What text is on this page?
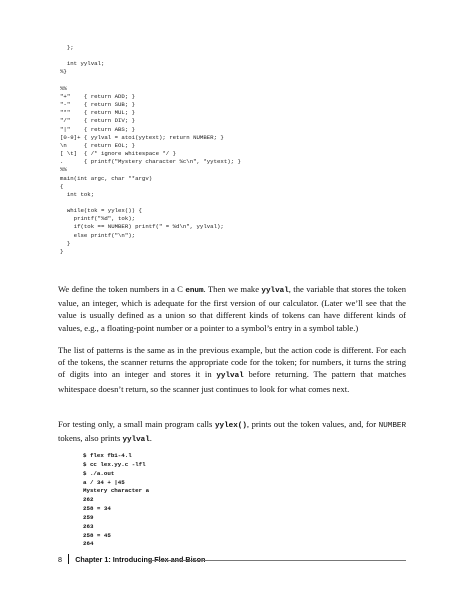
};

int yylval;
%}

%%
"+"    { return ADD; }
"-"    { return SUB; }
"*"    { return MUL; }
"/"    { return DIV; }
"|"    { return ABS; }
[0-9]+ { yylval = atoi(yytext); return NUMBER; }
\n     { return EOL; }
[ \t]  { /* ignore whitespace */ }
.      { printf("Mystery character %c\n", *yytext); }
%%
main(int argc, char **argv)
{
int tok;

while(tok = yylex()) {
printf("%d", tok);
if(tok == NUMBER) printf(" = %d\n", yylval);
else printf("\n");
}
}

We define the token numbers in a C enum. Then we make yylval, the variable that stores the token value, an integer, which is adequate for the first version of our calculator. (Later we’ll see that the value is usually defined as a union so that different kinds of tokens can have different kinds of values, e.g., a floating-point number or a pointer to a symbol’s entry in a symbol table.)

The list of patterns is the same as in the previous example, but the action code is different. For each of the tokens, the scanner returns the appropriate code for the token; for numbers, it turns the string of digits into an integer and stores it in yylval before returning. The pattern that matches whitespace doesn’t return, so the scanner just continues to look for what comes next.

For testing only, a small main program calls yylex(), prints out the token values, and, for NUMBER tokens, also prints yylval.

$ flex fb1-4.l
$ cc lex.yy.c -lfl
$ ./a.out
a / 34 + |45
Mystery character a
262
258 = 34
259
263
258 = 45
264
8 Chapter 1: Introducing Flex and Bison
